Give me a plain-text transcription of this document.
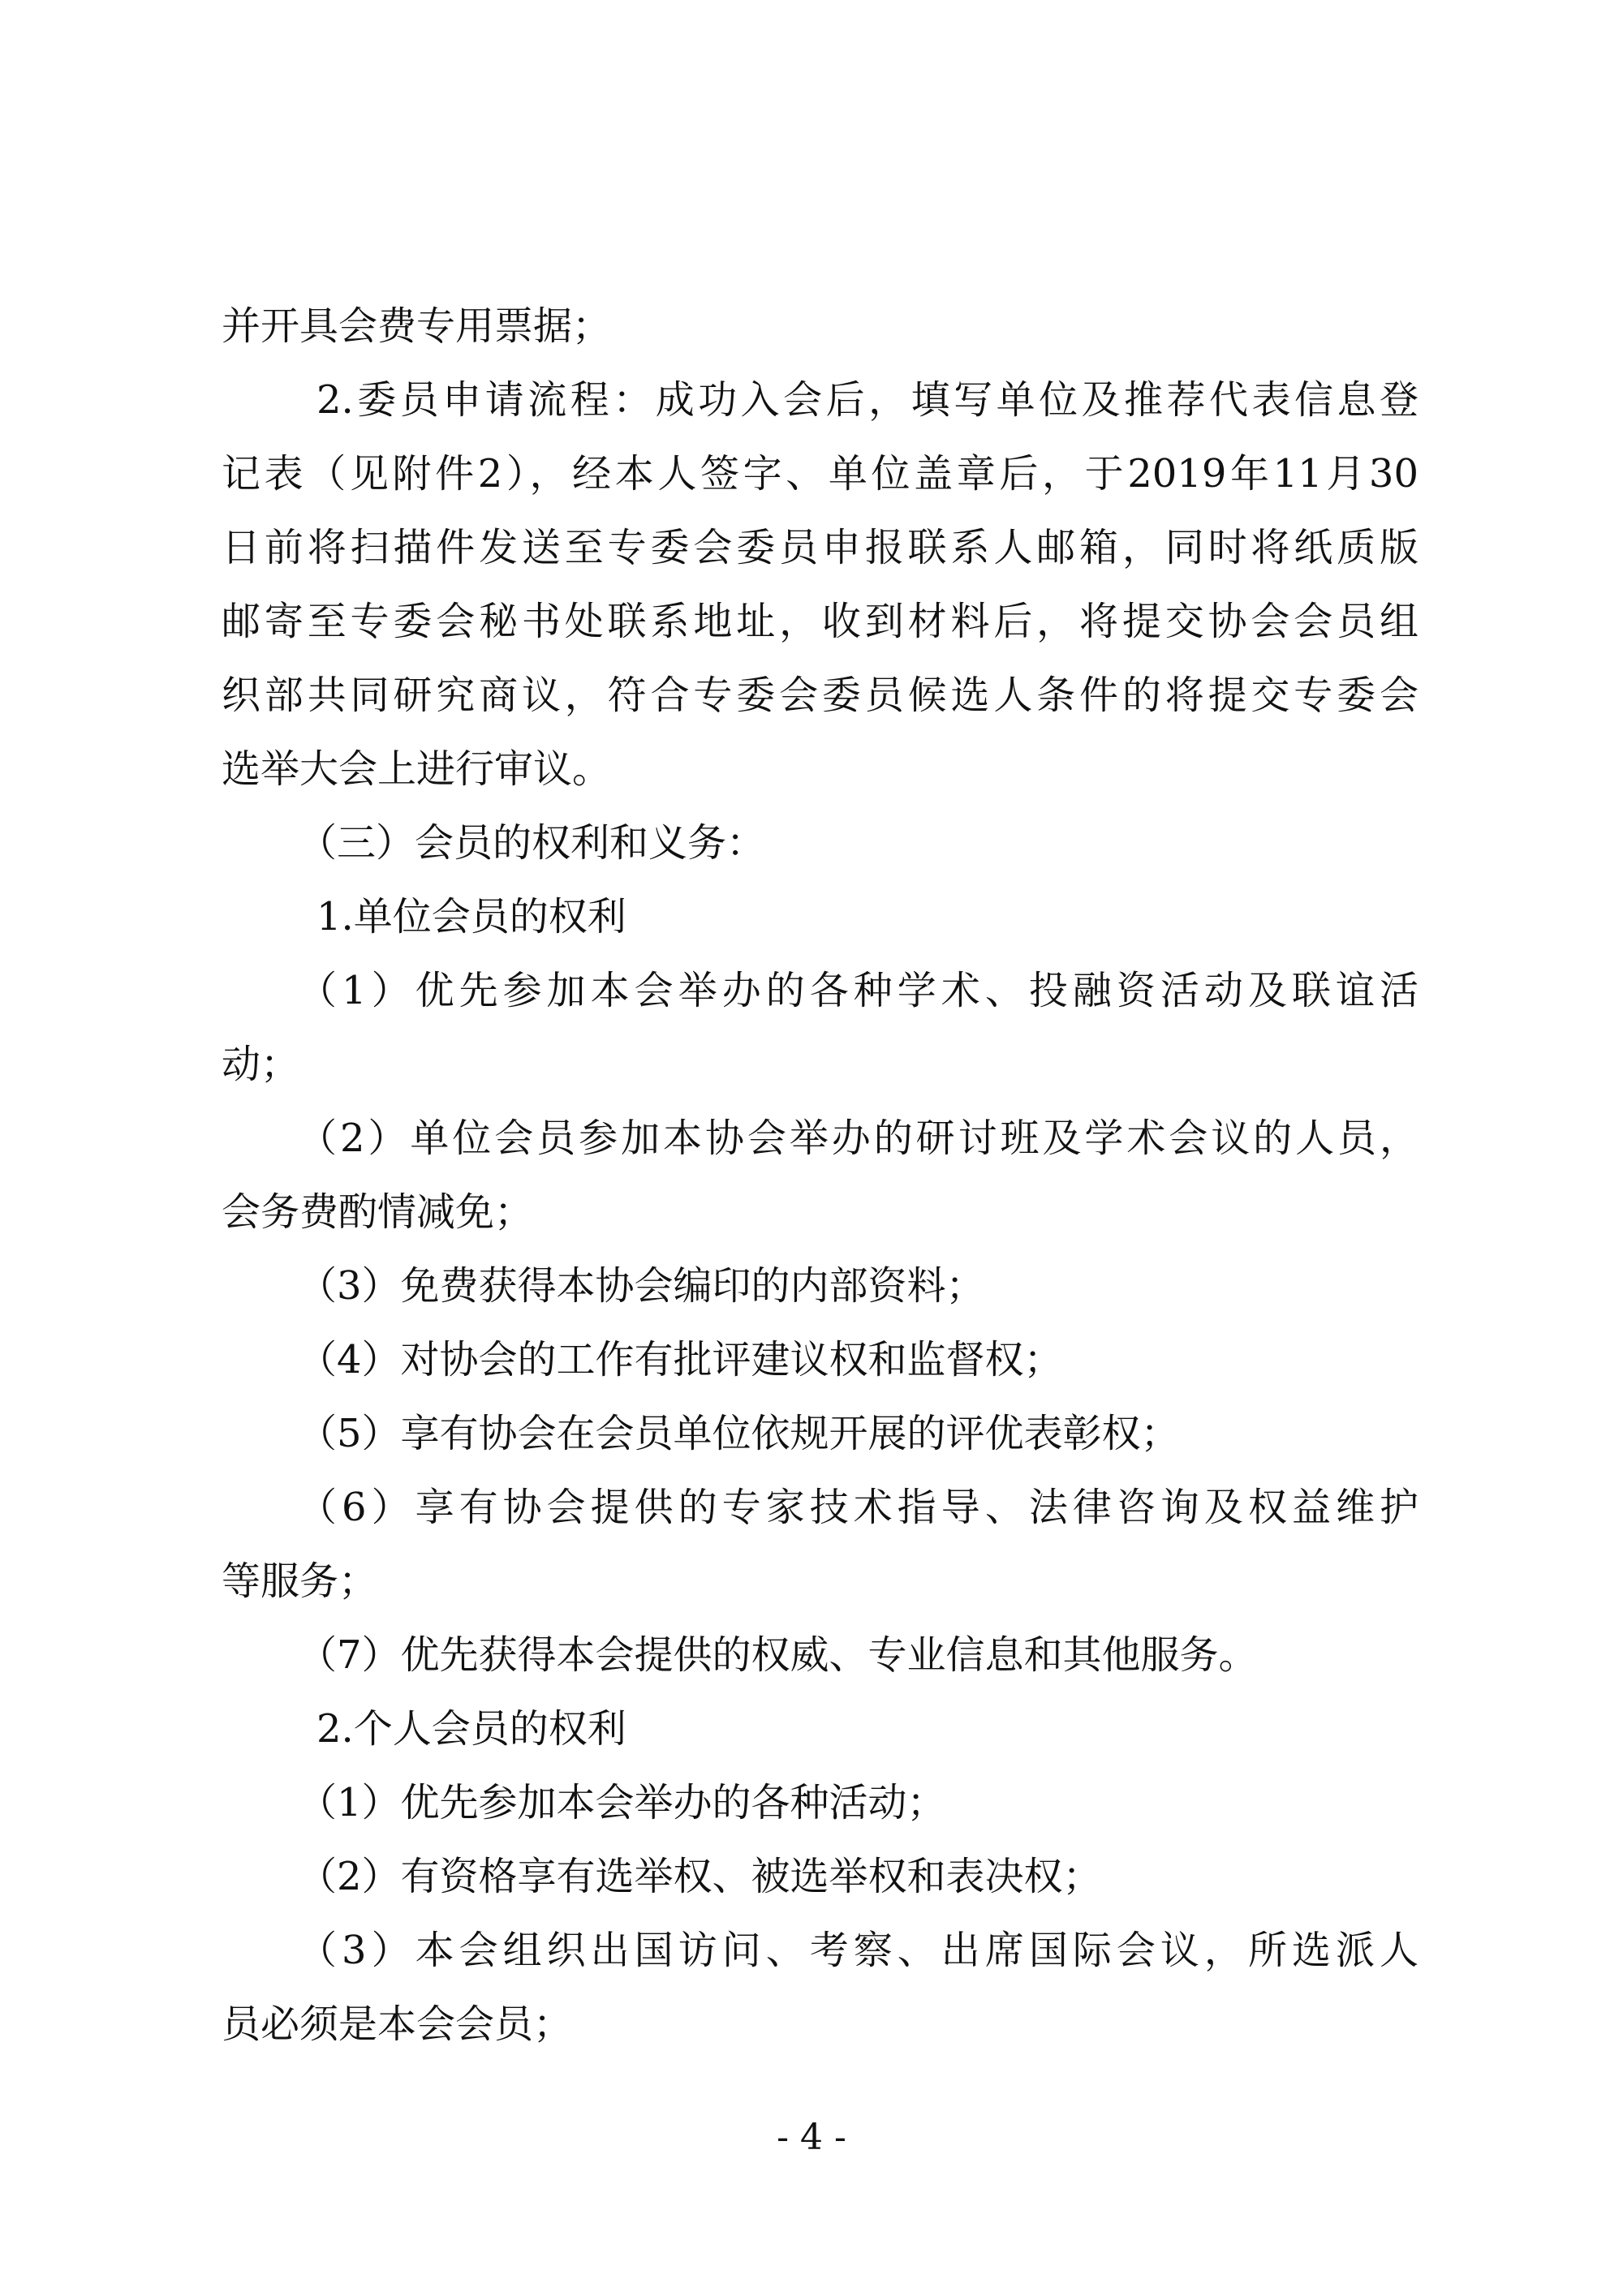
并开具会费专用票据；
2.委员申请流程：成功入会后，填写单位及推荐代表信息登
记表（见附件2），经本人签字、单位盖章后，于2019年11月30
日前将扫描件发送至专委会委员申报联系人邮箱，同时将纸质版
邮寄至专委会秘书处联系地址，收到材料后，将提交协会会员组
织部共同研究商议，符合专委会委员候选人条件的将提交专委会
选举大会上进行审议。
（三）会员的权利和义务：
1.单位会员的权利
（1）优先参加本会举办的各种学术、投融资活动及联谊活
动；
（2）单位会员参加本协会举办的研讨班及学术会议的人员，
会务费酌情减免；
（3）免费获得本协会编印的内部资料；
（4）对协会的工作有批评建议权和监督权；
（5）享有协会在会员单位依规开展的评优表彰权；
（6）享有协会提供的专家技术指导、法律咨询及权益维护
等服务；
（7）优先获得本会提供的权威、专业信息和其他服务。
2.个人会员的权利
（1）优先参加本会举办的各种活动；
（2）有资格享有选举权、被选举权和表决权；
（3）本会组织出国访问、考察、出席国际会议，所选派人
员必须是本会会员；
- 4 -
